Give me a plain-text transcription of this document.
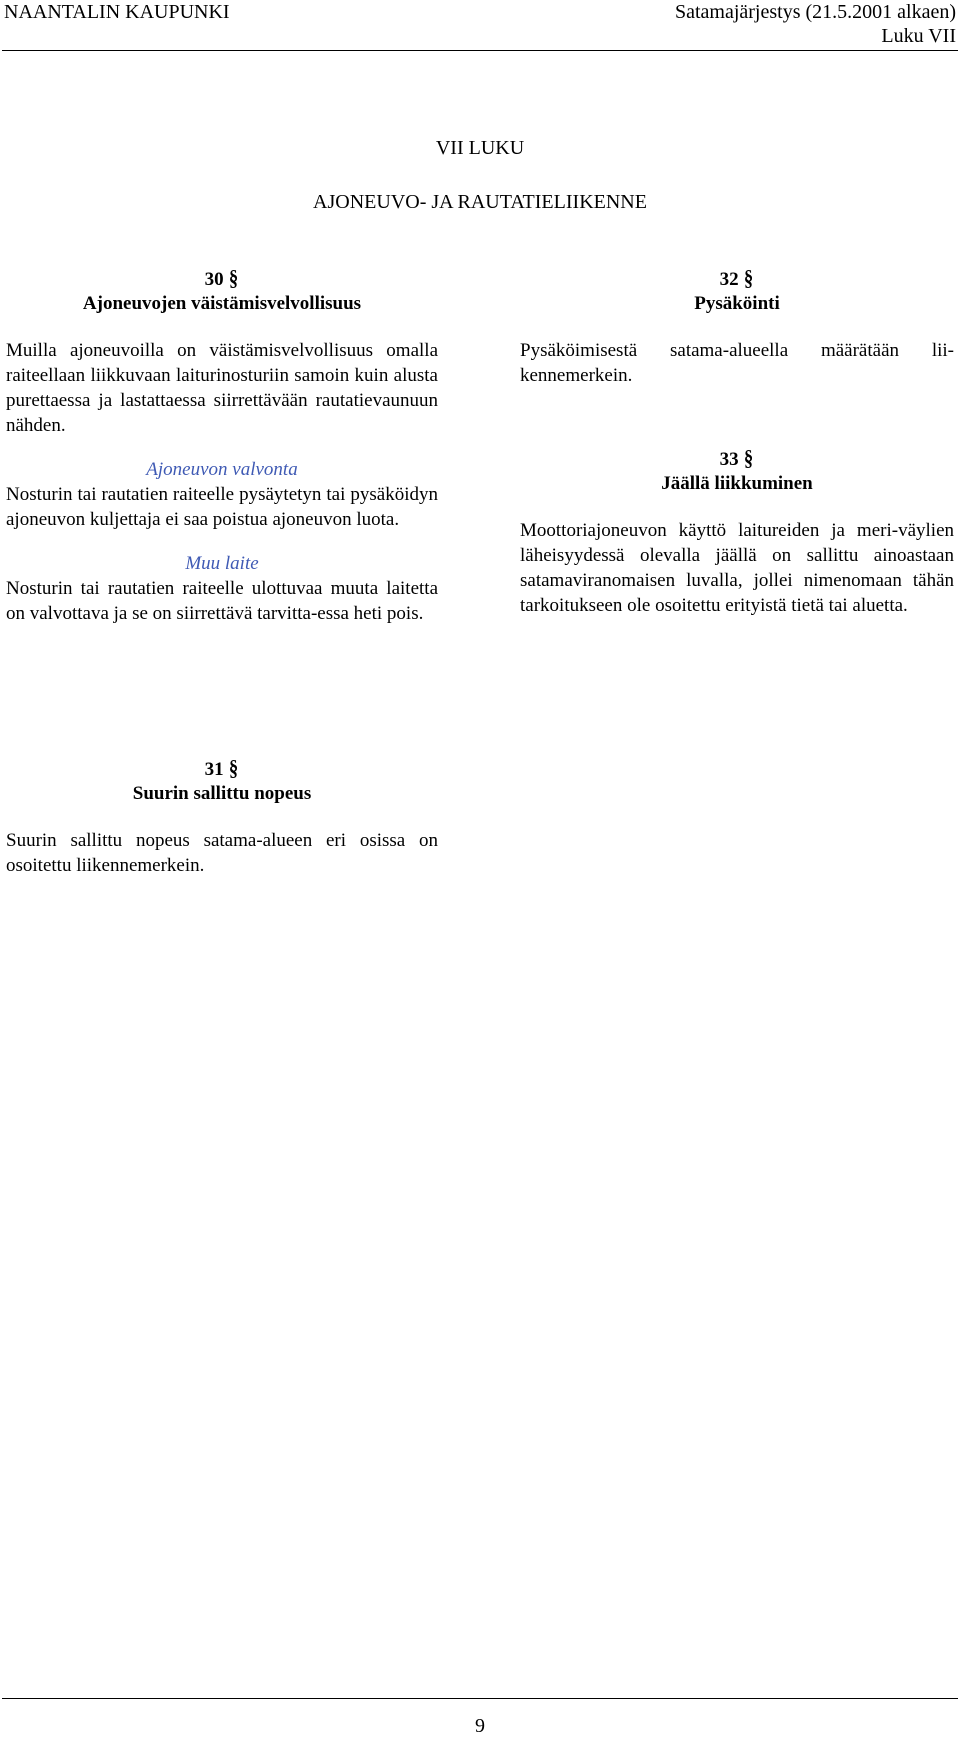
NAANTALIN KAUPUNKI	Satamajärjestys (21.5.2001 alkaen)
Luku VII
VII LUKU
AJONEUVO- JA RAUTATIELIIKENNE
30 §
Ajoneuvojen väistämisvelvollisuus
Muilla ajoneuvoilla on väistämisvelvollisuus omalla raiteellaan liikkuvaan laiturinosturiin samoin kuin alusta purettaessa ja lastattaessa siirrettävään rautatievaunuun nähden.
Ajoneuvon valvonta
Nosturin tai rautatien raiteelle pysäytetyn tai pysäköidyn ajoneuvon kuljettaja ei saa poistua ajoneuvon luota.
Muu laite
Nosturin tai rautatien raiteelle ulottuvaa muuta laitetta on valvottava ja se on siirrettävä tarvitta-essa heti pois.
31 §
Suurin sallittu nopeus
Suurin sallittu nopeus satama-alueen eri osissa on osoitettu liikennemerkein.
32 §
Pysäköinti
Pysäköimisestä satama-alueella määrätään lii-kennemerkein.
33 §
Jäällä liikkuminen
Moottoriajoneuvon käyttö laitureiden ja meri-väylien läheisyydessä olevalla jäällä on sallittu ainoastaan satamaviranomaisen luvalla, jollei nimenomaan tähän tarkoitukseen ole osoitettu erityistä tietä tai aluetta.
9
